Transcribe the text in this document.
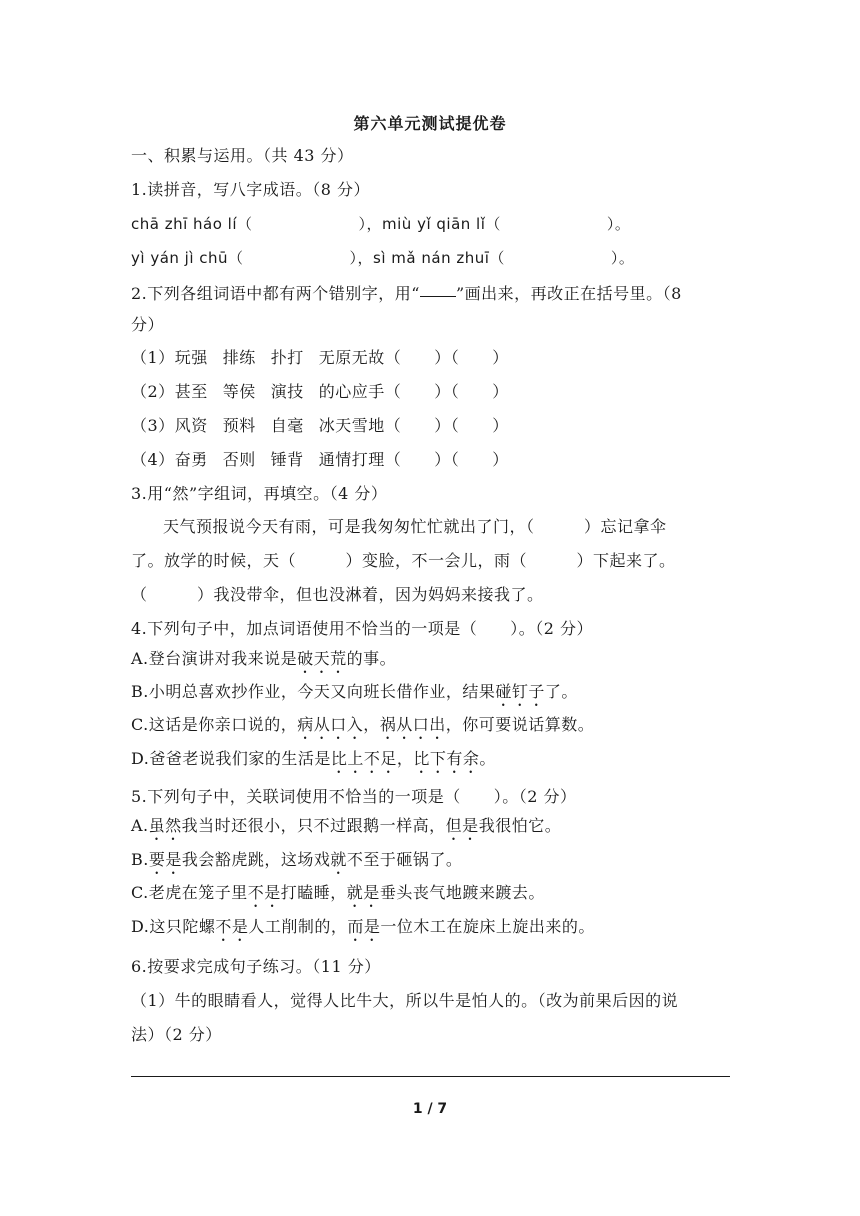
第六单元测试提优卷
一、积累与运用。（共 43 分）
1.读拼音，写八字成语。（8 分）
chā zhī háo lí（	），miù yǐ qiān lǐ（	）。
yì yán jì chū（	），sì mǎ nán zhuī（	）。
2.下列各组词语中都有两个错别字，用“ ”画出来，再改正在括号里。（8
分）
（1）玩强 排练 扑打 无原无故（　　）（　　）
（2）甚至 等侯 演技 的心应手（　　）（　　）
（3）风资 预料 自毫 冰天雪地（　　）（　　）
（4）奋勇 否则 锤背 通情打理（　　）（　　）
3.用“然”字组词，再填空。（4 分）
天气预报说今天有雨，可是我匆匆忙忙就出了门，（　　　）忘记拿伞
了。放学的时候，天（　　　）变脸，不一会儿，雨（　　　）下起来了。
（　　　）我没带伞，但也没淋着，因为妈妈来接我了。
4.下列句子中，加点词语使用不恰当的一项是（　　）。（2 分）
A.登台演讲对我来说是破天荒的事。
B.小明总喜欢抄作业，今天又向班长借作业，结果碰钉子了。
C.这话是你亲口说的，病从口入，祸从口出，你可要说话算数。
D.爸爸老说我们家的生活是比上不足，比下有余。
5.下列句子中，关联词使用不恰当的一项是（　　）。（2 分）
A.虽然我当时还很小，只不过跟鹅一样高，但是我很怕它。
B.要是我会豁虎跳，这场戏就不至于砸锅了。
C.老虎在笼子里不是打瞌睡，就是垂头丧气地踱来踱去。
D.这只陀螺不是人工削制的，而是一位木工在旋床上旋出来的。
6.按要求完成句子练习。（11 分）
（1）牛的眼睛看人，觉得人比牛大，所以牛是怕人的。（改为前果后因的说
法）（2 分）
1 / 7
